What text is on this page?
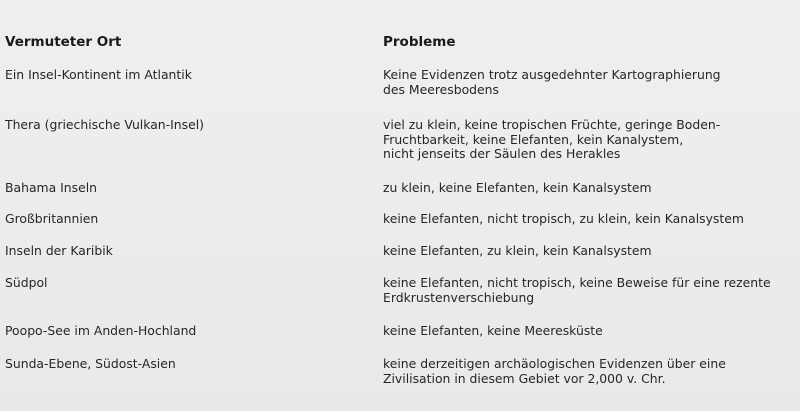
Vermuteter Ort	Probleme
Ein Insel-Kontinent im Atlantik	Keine Evidenzen trotz ausgedehnter Kartographierung
des Meeresbodens
Thera (griechische Vulkan-Insel)	viel zu klein, keine tropischen Früchte, geringe Boden-
Fruchtbarkeit, keine Elefanten, kein Kanalystem,
nicht jenseits der Säulen des Herakles
Bahama Inseln	zu klein, keine Elefanten, kein Kanalsystem
Großbritannien	keine Elefanten, nicht tropisch, zu klein, kein Kanalsystem
Inseln der Karibik	keine Elefanten, zu klein, kein Kanalsystem
Südpol	keine Elefanten, nicht tropisch, keine Beweise für eine rezente
Erdkrustenverschiebung
Poopo-See im Anden-Hochland	keine Elefanten, keine Meeresküste
Sunda-Ebene, Südost-Asien	keine derzeitigen archäologischen Evidenzen über eine
Zivilisation in diesem Gebiet vor 2,000 v. Chr.
